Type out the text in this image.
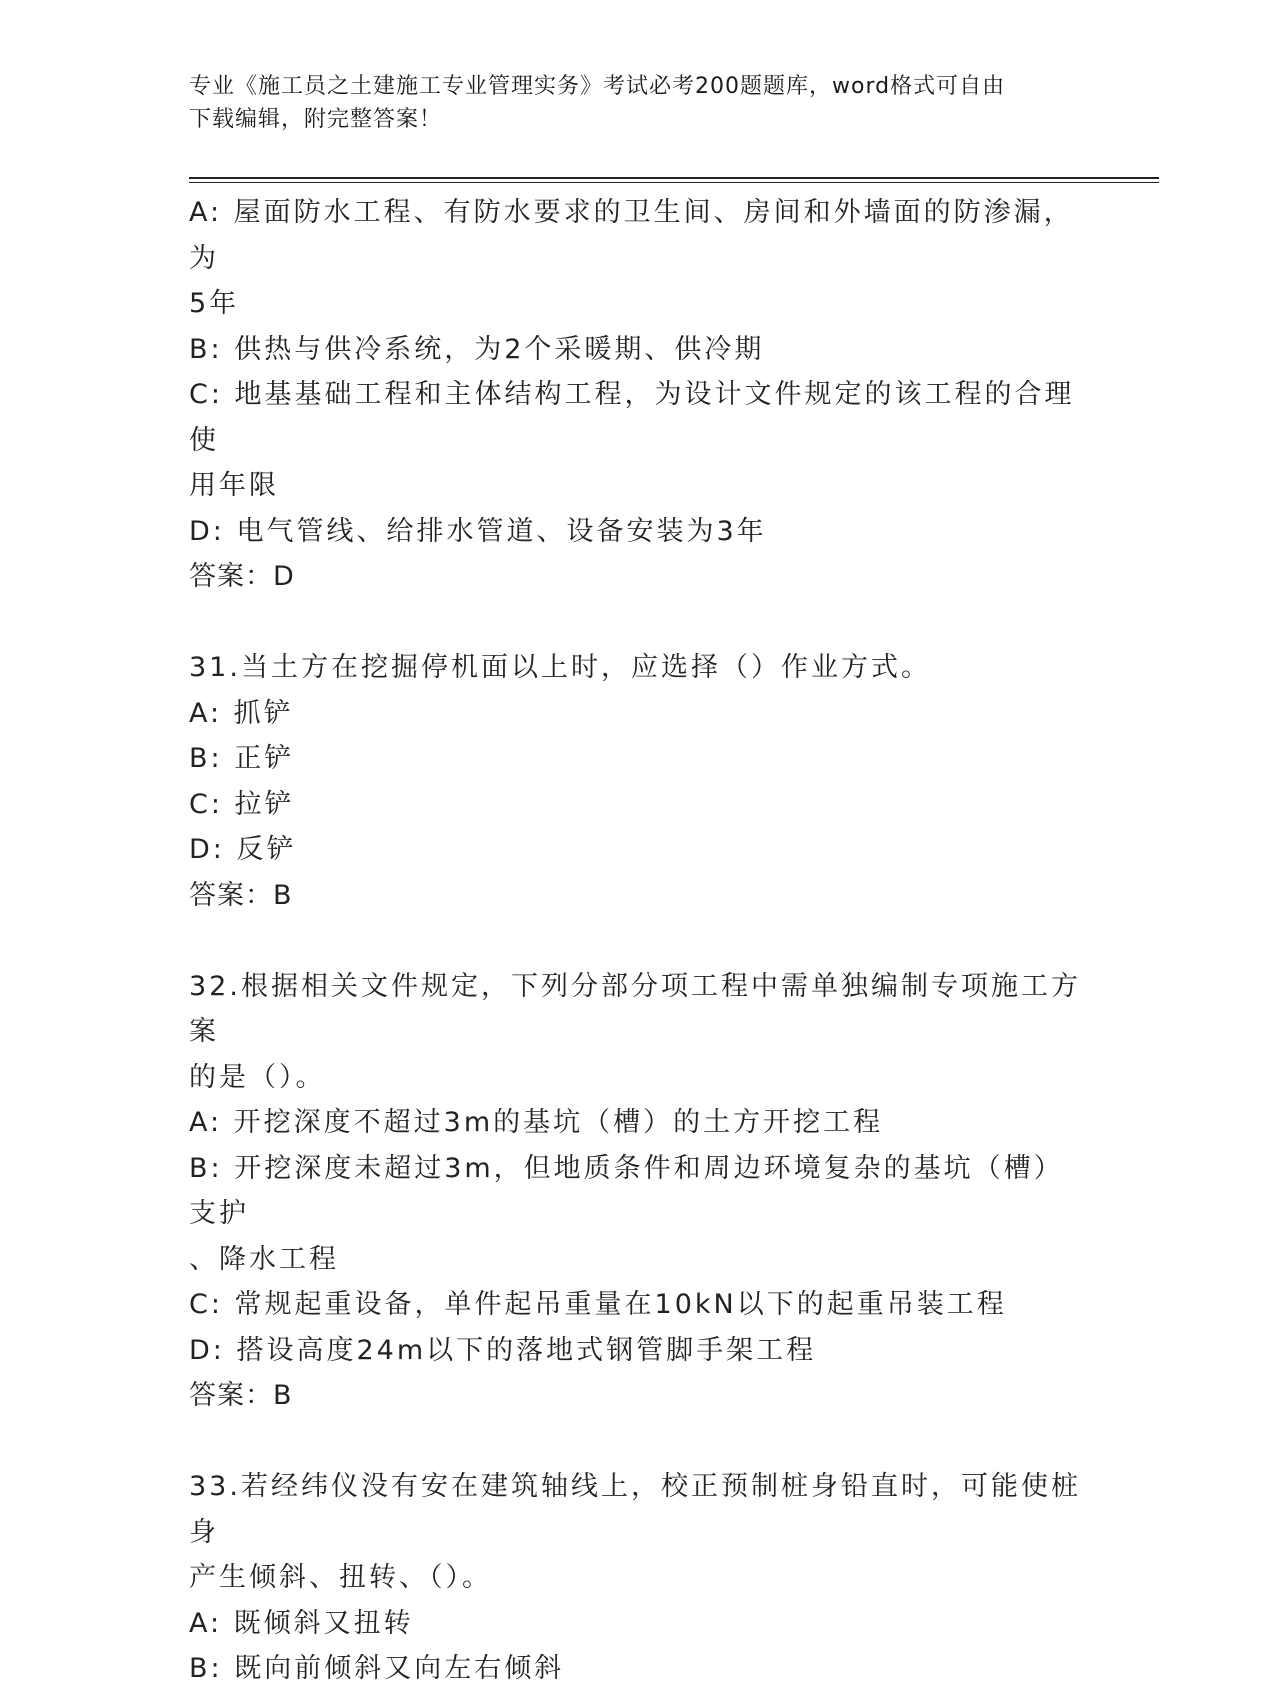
专业《施工员之土建施工专业管理实务》考试必考200题题库，word格式可自由
下载编辑，附完整答案！

A: 屋面防水工程、有防水要求的卫生间、房间和外墙面的防渗漏，为

5年

B: 供热与供冷系统，为2个采暖期、供冷期

C: 地基基础工程和主体结构工程，为设计文件规定的该工程的合理使

用年限

D: 电气管线、给排水管道、设备安装为3年

答案：D

31.当土方在挖掘停机面以上时，应选择（）作业方式。

A: 抓铲

B: 正铲

C: 拉铲

D: 反铲

答案：B

32.根据相关文件规定，下列分部分项工程中需单独编制专项施工方案

的是（）。

A: 开挖深度不超过3m的基坑（槽）的土方开挖工程

B: 开挖深度未超过3m，但地质条件和周边环境复杂的基坑（槽）支护

、降水工程

C: 常规起重设备，单件起吊重量在10kN以下的起重吊装工程

D: 搭设高度24m以下的落地式钢管脚手架工程

答案：B

33.若经纬仪没有安在建筑轴线上，校正预制桩身铅直时，可能使桩身

产生倾斜、扭转、（）。

A: 既倾斜又扭转

B: 既向前倾斜又向左右倾斜
